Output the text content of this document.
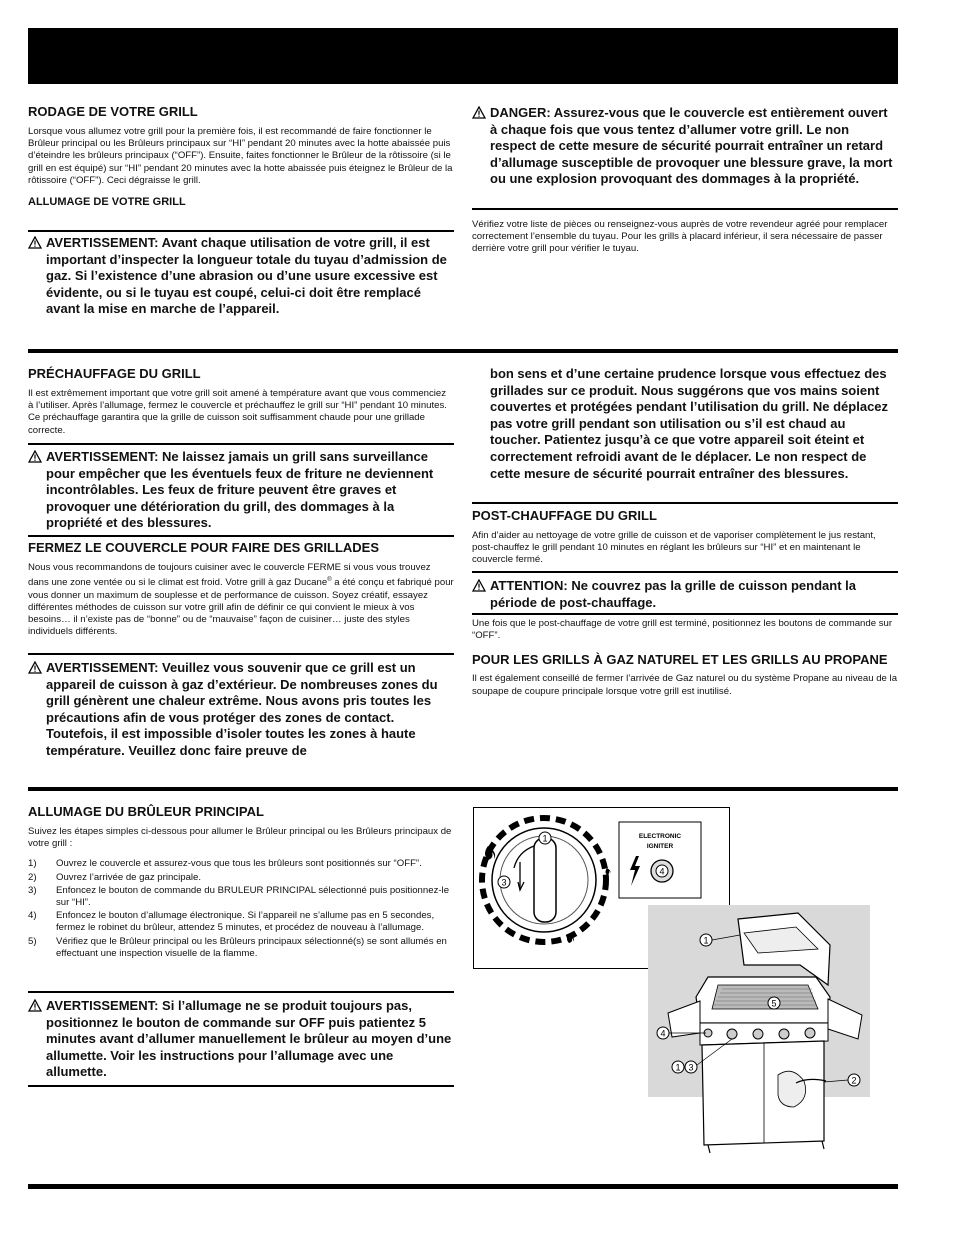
RODAGE DE VOTRE GRILL

Lorsque vous allumez votre grill pour la première fois, il est recommandé de faire fonctionner le Brûleur principal ou les Brûleurs principaux sur “HI” pendant 20 minutes avec la hotte abaissée puis d’éteindre les brûleurs principaux (“OFF”). Ensuite, faites fonctionner le Brûleur de la rôtissoire (si le grill en est équipé) sur “HI” pendant 20 minutes avec la hotte abaissée puis éteignez le Brûleur de la rôtissoire (“OFF”). Ceci dégraisse le grill.

ALLUMAGE DE VOTRE GRILL

AVERTISSEMENT: Avant chaque utilisation de votre grill, il est important d’inspecter la longueur totale du tuyau d’admission de gaz. Si l’existence d’une abrasion ou d’une usure excessive est évidente, ou si le tuyau est coupé, celui-ci doit être remplacé avant la mise en marche de l’appareil.

DANGER: Assurez-vous que le couvercle est entièrement ouvert à chaque fois que vous tentez d’allumer votre grill. Le non respect de cette mesure de sécurité pourrait entraîner un retard d’allumage susceptible de provoquer une blessure grave, la mort ou une explosion provoquant des dommages à la propriété.

Vérifiez votre liste de pièces ou renseignez-vous auprès de votre revendeur agréé pour remplacer correctement l’ensemble du tuyau. Pour les grills à placard inférieur, il sera nécessaire de passer derrière votre grill pour vérifier le tuyau.

PRÉCHAUFFAGE DU GRILL

Il est extrêmement important que votre grill soit amené à température avant que vous commenciez à l’utiliser. Après l’allumage, fermez le couvercle et préchauffez le grill sur “HI” pendant 10 minutes. Ce préchauffage garantira que la grille de cuisson soit suffisamment chaude pour une grillade correcte.

AVERTISSEMENT: Ne laissez jamais un grill sans surveillance pour empêcher que les éventuels feux de friture ne deviennent incontrôlables. Les feux de friture peuvent être graves et provoquer une détérioration du grill, des dommages à la propriété et des blessures.

FERMEZ LE COUVERCLE POUR FAIRE DES GRILLADES

Nous vous recommandons de toujours cuisiner avec le couvercle FERME si vous vous trouvez dans une zone ventée ou si le climat est froid. Votre grill à gaz Ducane® a été conçu et fabriqué pour vous donner un maximum de souplesse et de performance de cuisson. Soyez créatif, essayez différentes méthodes de cuisson sur votre grill afin de définir ce qui convient le mieux à vos besoins… il n’existe pas de “bonne” ou de “mauvaise” façon de cuisiner… juste des styles individuels différents.

AVERTISSEMENT: Veuillez vous souvenir que ce grill est un appareil de cuisson à gaz d’extérieur. De nombreuses zones du grill génèrent une chaleur extrême. Nous avons pris toutes les précautions afin de vous protéger des zones de contact. Toutefois, il est impossible d’isoler toutes les zones à haute température. Veuillez donc faire preuve de

bon sens et d’une certaine prudence lorsque vous effectuez des grillades sur ce produit. Nous suggérons que vos mains soient couvertes et protégées pendant l’utilisation du grill. Ne déplacez pas votre grill pendant son utilisation ou s’il est chaud au toucher. Patientez jusqu’à ce que votre appareil soit éteint et correctement refroidi avant de le déplacer. Le non respect de cette mesure de sécurité pourrait entraîner des blessures.

POST-CHAUFFAGE DU GRILL

Afin d’aider au nettoyage de votre grille de cuisson et de vaporiser complètement le jus restant, post-chauffez le grill pendant 10 minutes en réglant les brûleurs sur “HI” et en maintenant le couvercle fermé.

ATTENTION: Ne couvrez pas la grille de cuisson pendant la période de post-chauffage.

Une fois que le post-chauffage de votre grill est terminé, positionnez les boutons de commande sur “OFF”.

POUR LES GRILLS À GAZ NATUREL ET LES GRILLS AU PROPANE

Il est également conseillé de fermer l’arrivée de Gaz naturel ou du système Propane au niveau de la soupape de coupure principale lorsque votre grill est inutilisé.

ALLUMAGE DU BRÛLEUR PRINCIPAL

Suivez les étapes simples ci-dessous pour allumer le Brûleur principal ou les Brûleurs principaux de votre grill :

1) Ouvrez le couvercle et assurez-vous que tous les brûleurs sont positionnés sur “OFF”.
2) Ouvrez l’arrivée de gaz principale.
3) Enfoncez le bouton de commande du BRULEUR PRINCIPAL sélectionné puis positionnez-le sur “HI”.
4) Enfoncez le bouton d’allumage électronique. Si l’appareil ne s’allume pas en 5 secondes, fermez le robinet du brûleur, attendez 5 minutes, et procédez de nouveau à l’allumage.
5) Vérifiez que le Brûleur principal ou les Brûleurs principaux sélectionné(s) se sont allumés en effectuant une inspection visuelle de la flamme.

AVERTISSEMENT: Si l’allumage ne se produit toujours pas, positionnez le bouton de commande sur OFF puis patientez 5 minutes avant d’allumer manuellement le brûleur au moyen d’une allumette. Voir les instructions pour l’allumage avec une allumette.

1
3
ELECTRONIC
IGNITER
4
1
5
4
1 3
2
